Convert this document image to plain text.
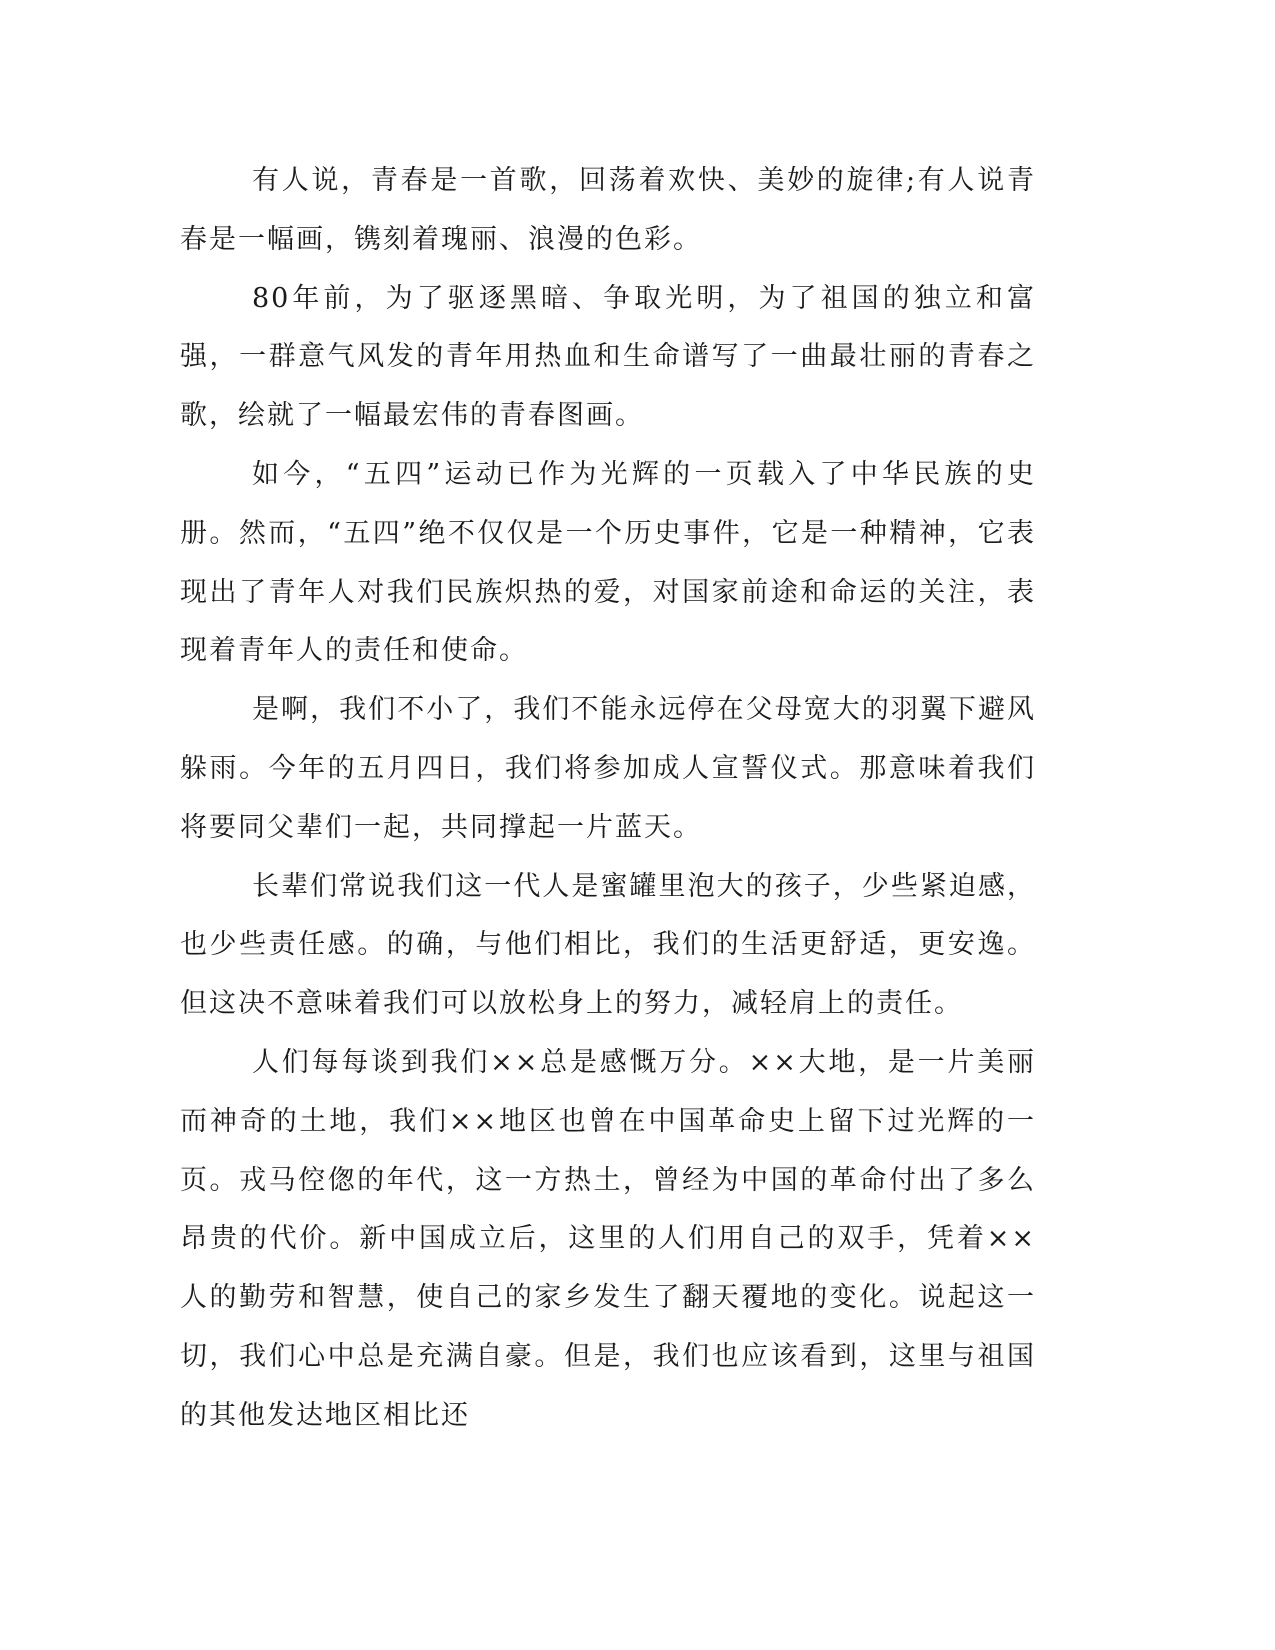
有人说，青春是一首歌，回荡着欢快、美妙的旋律;有人说青春是一幅画，镌刻着瑰丽、浪漫的色彩。

80年前，为了驱逐黑暗、争取光明，为了祖国的独立和富强，一群意气风发的青年用热血和生命谱写了一曲最壮丽的青春之歌，绘就了一幅最宏伟的青春图画。

如今，“五四”运动已作为光辉的一页载入了中华民族的史册。然而，“五四”绝不仅仅是一个历史事件，它是一种精神，它表现出了青年人对我们民族炽热的爱，对国家前途和命运的关注，表现着青年人的责任和使命。

是啊，我们不小了，我们不能永远停在父母宽大的羽翼下避风躲雨。今年的五月四日，我们将参加成人宣誓仪式。那意味着我们将要同父辈们一起，共同撑起一片蓝天。

长辈们常说我们这一代人是蜜罐里泡大的孩子，少些紧迫感，也少些责任感。的确，与他们相比，我们的生活更舒适，更安逸。但这决不意味着我们可以放松身上的努力，减轻肩上的责任。

人们每每谈到我们××总是感慨万分。××大地，是一片美丽而神奇的土地，我们××地区也曾在中国革命史上留下过光辉的一页。戎马倥偬的年代，这一方热土，曾经为中国的革命付出了多么昂贵的代价。新中国成立后，这里的人们用自己的双手，凭着××人的勤劳和智慧，使自己的家乡发生了翻天覆地的变化。说起这一切，我们心中总是充满自豪。但是，我们也应该看到，这里与祖国的其他发达地区相比还
